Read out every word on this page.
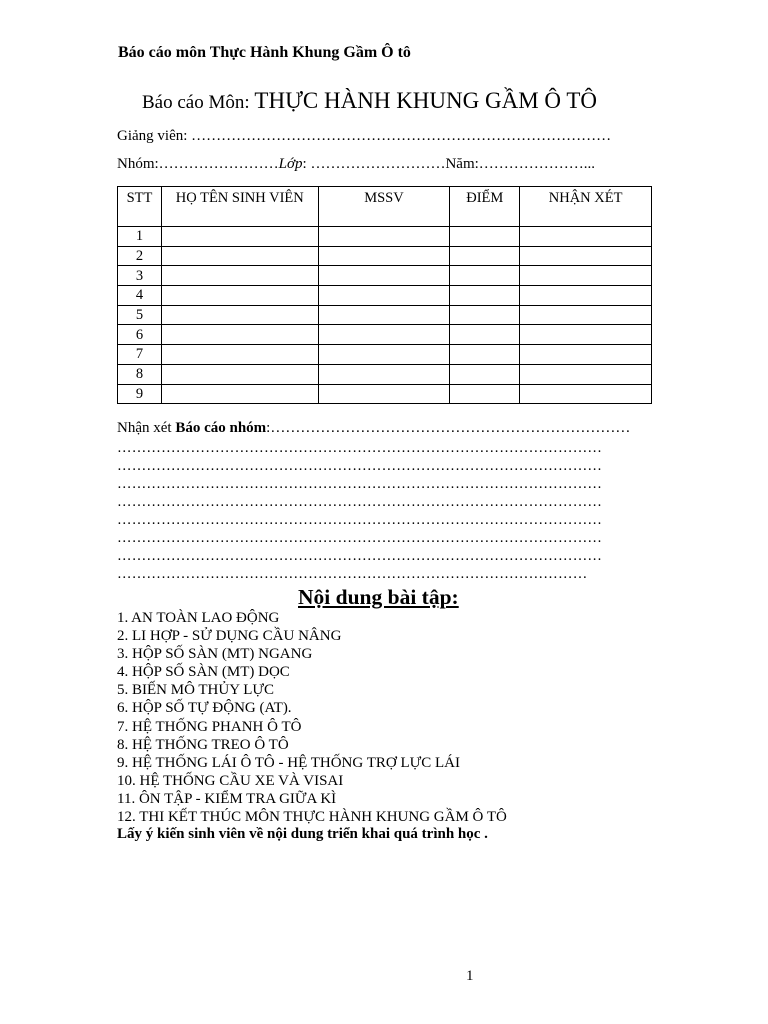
Báo cáo môn Thực Hành Khung Gầm Ô tô
Báo cáo Môn: THỰC HÀNH KHUNG GẦM Ô TÔ
Giảng viên: …………………………………………………………………………
Nhóm:……………………Lớp: ………………………Năm:…………………...
STT	HỌ TÊN SINH VIÊN	MSSV	ĐIỂM	NHẬN XÉT
1				
2				
3				
4				
5				
6				
7				
8				
9				
Nhận xét Báo cáo nhóm:………………………………………………………………
………………………………………………………………………………………
………………………………………………………………………………………
………………………………………………………………………………………
………………………………………………………………………………………
………………………………………………………………………………………
………………………………………………………………………………………
………………………………………………………………………………………
……………………………………………………………………………………
Nội dung bài tập:
1. AN TOÀN LAO ĐỘNG
2. LI HỢP - SỬ DỤNG CẦU NÂNG
3. HỘP SỐ SÀN (MT) NGANG
4. HỘP SỐ SÀN (MT) DỌC
5. BIẾN MÔ THỦY LỰC
6. HỘP SỐ TỰ ĐỘNG (AT).
7. HỆ THỐNG PHANH Ô TÔ
8. HỆ THỐNG TREO Ô TÔ
9. HỆ THỐNG LÁI Ô TÔ - HỆ THỐNG TRỢ LỰC LÁI
10. HỆ THỐNG CẦU XE VÀ VISAI
11. ÔN TẬP - KIỂM TRA GIỮA KÌ
12. THI KẾT THÚC MÔN THỰC HÀNH KHUNG GẦM Ô TÔ
Lấy ý kiến sinh viên về nội dung triển khai quá trình học .
1
